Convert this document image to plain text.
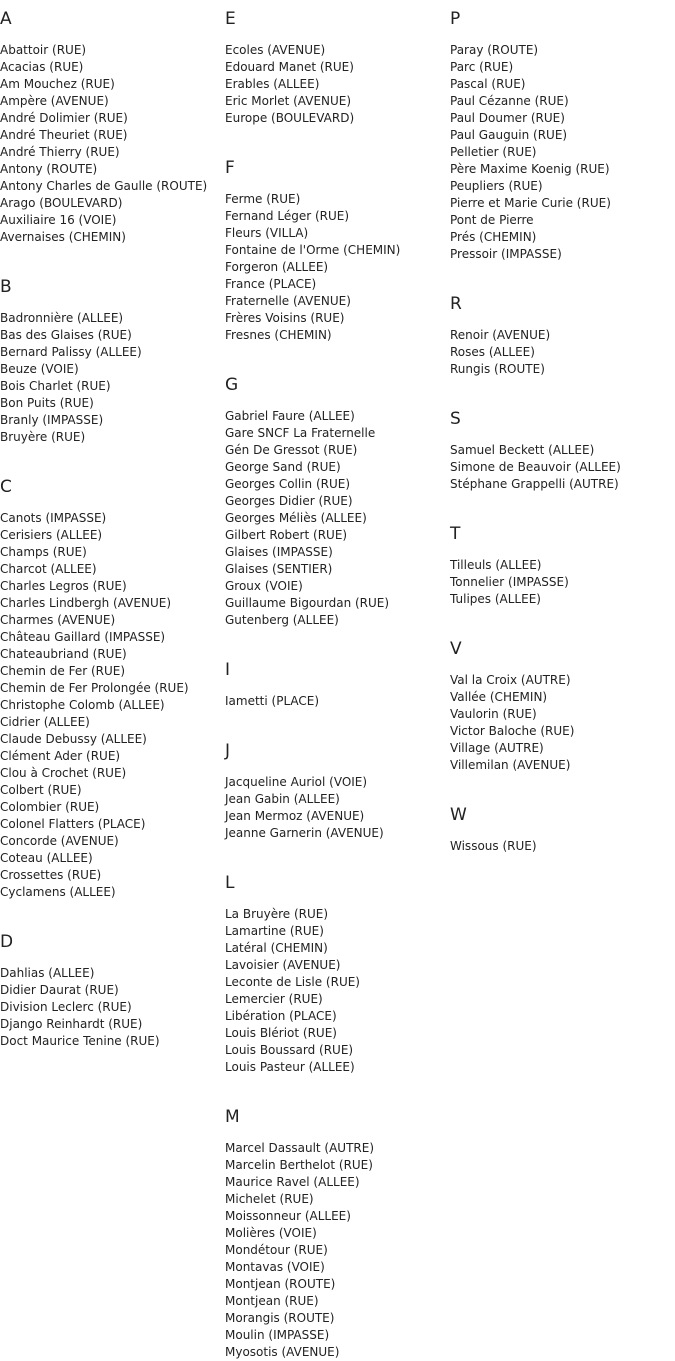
A
Abattoir (RUE)
Acacias (RUE)
Am Mouchez (RUE)
Ampère (AVENUE)
André Dolimier (RUE)
André Theuriet (RUE)
André Thierry (RUE)
Antony (ROUTE)
Antony Charles de Gaulle (ROUTE)
Arago (BOULEVARD)
Auxiliaire 16 (VOIE)
Avernaises (CHEMIN)
B
Badronnière (ALLEE)
Bas des Glaises (RUE)
Bernard Palissy (ALLEE)
Beuze (VOIE)
Bois Charlet (RUE)
Bon Puits (RUE)
Branly (IMPASSE)
Bruyère (RUE)
C
Canots (IMPASSE)
Cerisiers (ALLEE)
Champs (RUE)
Charcot (ALLEE)
Charles Legros (RUE)
Charles Lindbergh (AVENUE)
Charmes (AVENUE)
Château Gaillard (IMPASSE)
Chateaubriand (RUE)
Chemin de Fer (RUE)
Chemin de Fer Prolongée (RUE)
Christophe Colomb (ALLEE)
Cidrier (ALLEE)
Claude Debussy (ALLEE)
Clément Ader (RUE)
Clou à Crochet (RUE)
Colbert (RUE)
Colombier (RUE)
Colonel Flatters (PLACE)
Concorde (AVENUE)
Coteau (ALLEE)
Crossettes (RUE)
Cyclamens (ALLEE)
D
Dahlias (ALLEE)
Didier Daurat (RUE)
Division Leclerc (RUE)
Django Reinhardt (RUE)
Doct Maurice Tenine (RUE)
E
Ecoles (AVENUE)
Edouard Manet (RUE)
Erables (ALLEE)
Eric Morlet (AVENUE)
Europe (BOULEVARD)
F
Ferme (RUE)
Fernand Léger (RUE)
Fleurs (VILLA)
Fontaine de l'Orme (CHEMIN)
Forgeron (ALLEE)
France (PLACE)
Fraternelle (AVENUE)
Frères Voisins (RUE)
Fresnes (CHEMIN)
G
Gabriel Faure (ALLEE)
Gare SNCF La Fraternelle
Gén De Gressot (RUE)
George Sand (RUE)
Georges Collin (RUE)
Georges Didier (RUE)
Georges Méliès (ALLEE)
Gilbert Robert (RUE)
Glaises (IMPASSE)
Glaises (SENTIER)
Groux (VOIE)
Guillaume Bigourdan (RUE)
Gutenberg (ALLEE)
I
Iametti (PLACE)
J
Jacqueline Auriol (VOIE)
Jean Gabin (ALLEE)
Jean Mermoz (AVENUE)
Jeanne Garnerin (AVENUE)
L
La Bruyère (RUE)
Lamartine (RUE)
Latéral (CHEMIN)
Lavoisier (AVENUE)
Leconte de Lisle (RUE)
Lemercier (RUE)
Libération (PLACE)
Louis Blériot (RUE)
Louis Boussard (RUE)
Louis Pasteur (ALLEE)
M
Marcel Dassault (AUTRE)
Marcelin Berthelot (RUE)
Maurice Ravel (ALLEE)
Michelet (RUE)
Moissonneur (ALLEE)
Molières (VOIE)
Mondétour (RUE)
Montavas (VOIE)
Montjean (ROUTE)
Montjean (RUE)
Morangis (ROUTE)
Moulin (IMPASSE)
Myosotis (AVENUE)
P
Paray (ROUTE)
Parc (RUE)
Pascal (RUE)
Paul Cézanne (RUE)
Paul Doumer (RUE)
Paul Gauguin (RUE)
Pelletier (RUE)
Père Maxime Koenig (RUE)
Peupliers (RUE)
Pierre et Marie Curie (RUE)
Pont de Pierre
Prés (CHEMIN)
Pressoir (IMPASSE)
R
Renoir (AVENUE)
Roses (ALLEE)
Rungis (ROUTE)
S
Samuel Beckett (ALLEE)
Simone de Beauvoir (ALLEE)
Stéphane Grappelli (AUTRE)
T
Tilleuls (ALLEE)
Tonnelier (IMPASSE)
Tulipes (ALLEE)
V
Val la Croix (AUTRE)
Vallée (CHEMIN)
Vaulorin (RUE)
Victor Baloche (RUE)
Village (AUTRE)
Villemilan (AVENUE)
W
Wissous (RUE)
